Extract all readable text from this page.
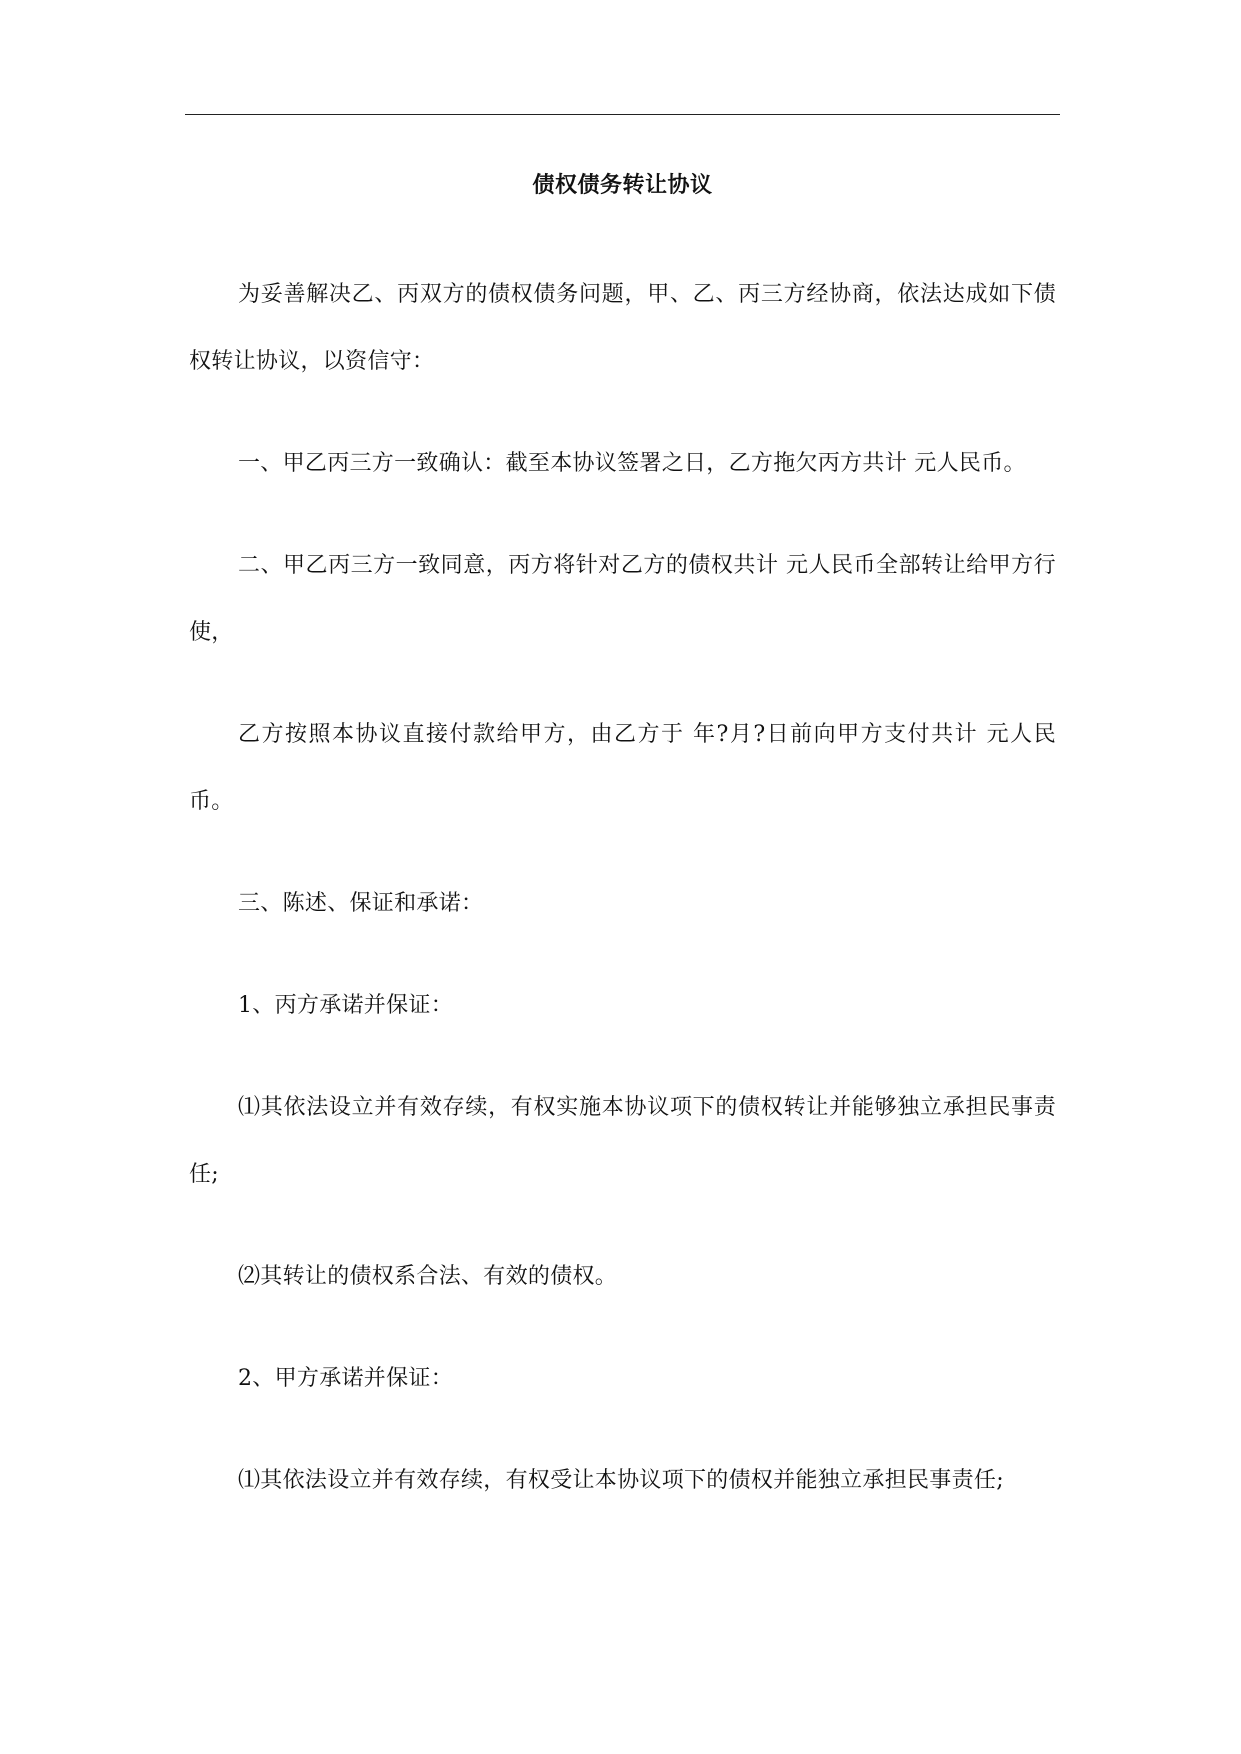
债权债务转让协议

为妥善解决乙、丙双方的债权债务问题，甲、乙、丙三方经协商，依法达成如下债权转让协议，以资信守：

一、甲乙丙三方一致确认：截至本协议签署之日，乙方拖欠丙方共计 元人民币。

二、甲乙丙三方一致同意，丙方将针对乙方的债权共计 元人民币全部转让给甲方行使，

乙方按照本协议直接付款给甲方，由乙方于 年?月?日前向甲方支付共计 元人民币。

三、陈述、保证和承诺：

1、丙方承诺并保证：

⑴其依法设立并有效存续，有权实施本协议项下的债权转让并能够独立承担民事责任;

⑵其转让的债权系合法、有效的债权。

2、甲方承诺并保证：

⑴其依法设立并有效存续，有权受让本协议项下的债权并能独立承担民事责任;
